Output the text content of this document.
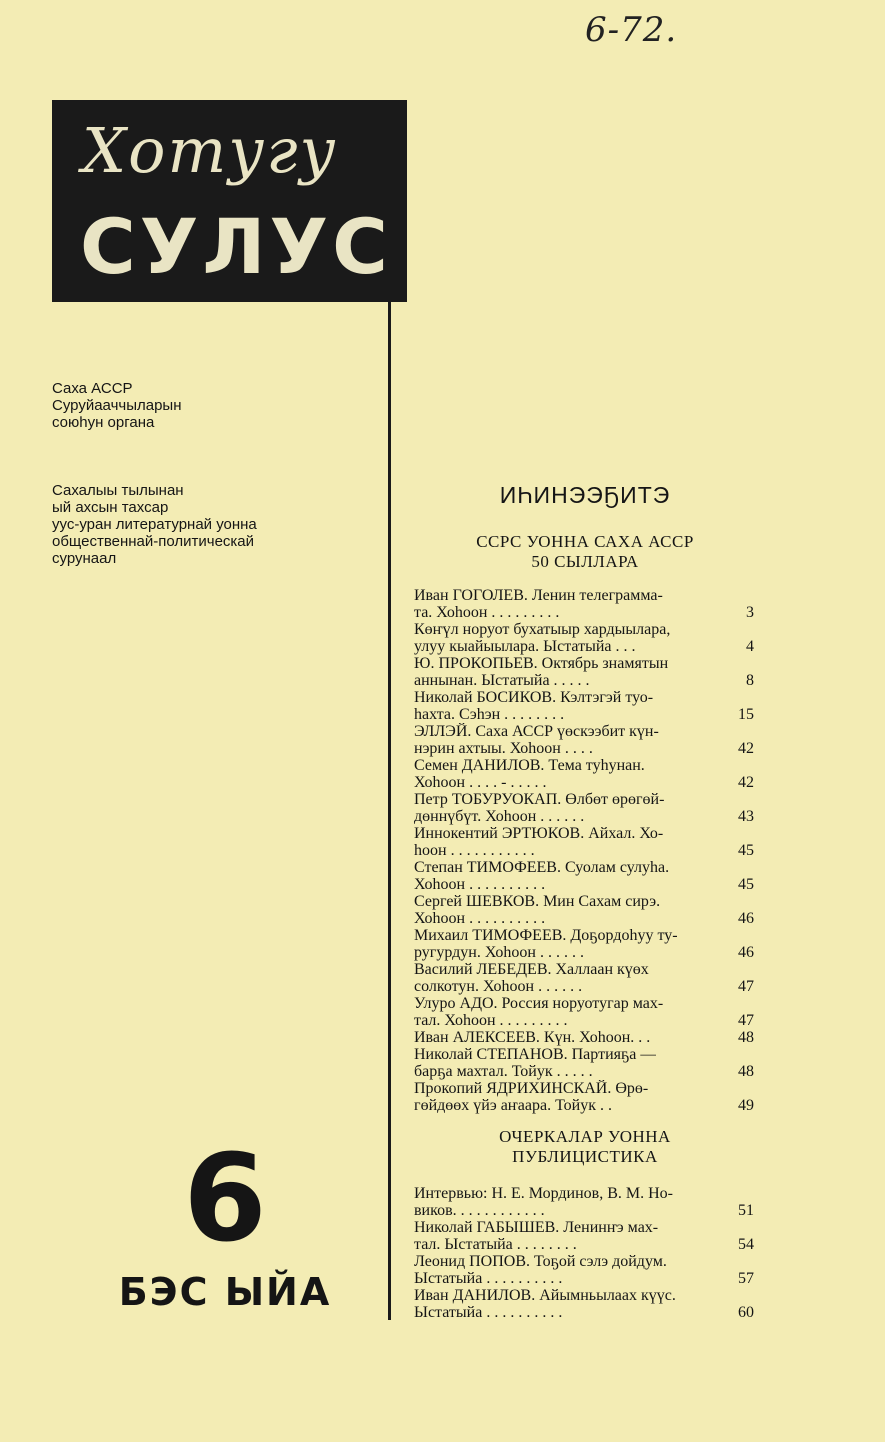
6-72.
Хотугу
СУЛУС
Саха АССР
Суруйааччыларын
союһун органа
Сахалыы тылынан
ый ахсын тахсар
уус-уран литературнай уонна
общественнай-политическай
сурунаал
6
БЭС ЫЙА
ИҺИНЭЭҔИТЭ
ССРС УОННА САХА АССР
50 СЫЛЛАРА
Иван ГОГОЛЕВ. Ленин телеграмма-
та. Хоһоон . . . . . . . . .	3
Көҥүл норуот бухатыыр хардыылара,
улуу кыайыылара. Ыстатыйа . . .	4
Ю. ПРОКОПЬЕВ. Октябрь знамятын
аннынан. Ыстатыйа . . . . .	8
Николай БОСИКОВ. Кэлтэгэй туо-
һахта. Сэһэн . . . . . . . .	15
ЭЛЛЭЙ. Саха АССР үөскээбит күн-
нэрин ахтыы. Хоһоон . . . .	42
Семен ДАНИЛОВ. Тема туһунан.
Хоһоон . . . . - . . . . .	42
Петр ТОБУРУОКАП. Өлбөт өрөгөй-
дөннүбүт. Хоһоон . . . . . .	43
Иннокентий ЭРТЮКОВ. Айхал. Хо-
һоон . . . . . . . . . . .	45
Степан ТИМОФЕЕВ. Суолам сулуһа.
Хоһоон . . . . . . . . . .	45
Сергей ШЕВКОВ. Мин Сахам сирэ.
Хоһоон . . . . . . . . . .	46
Михаил ТИМОФЕЕВ. Доҕордоһуу ту-
ругурдун. Хоһоон . . . . . .	46
Василий ЛЕБЕДЕВ. Халлаан күөх
солкотун. Хоһоон . . . . . .	47
Улуро АДО. Россия норуотугар мах-
тал. Хоһоон . . . . . . . . .	47
Иван АЛЕКСЕЕВ. Күн. Хоһоон. . .	48
Николай СТЕПАНОВ. Партияҕа —
барҕа махтал. Тойук . . . . .	48
Прокопий ЯДРИХИНСКАЙ. Өрө-
гөйдөөх үйэ аҥаара. Тойук . .	49
ОЧЕРКАЛАР УОННА
ПУБЛИЦИСТИКА
Интервью: Н. Е. Мординов, В. М. Но-
виков. . . . . . . . . . . .	51
Николай ГАБЫШЕВ. Ленинҥэ мах-
тал. Ыстатыйа . . . . . . . .	54
Леонид ПОПОВ. Тоҕой сэлэ дойдум.
Ыстатыйа . . . . . . . . . .	57
Иван ДАНИЛОВ. Айымньылаах күүс.
Ыстатыйа . . . . . . . . . .	60
